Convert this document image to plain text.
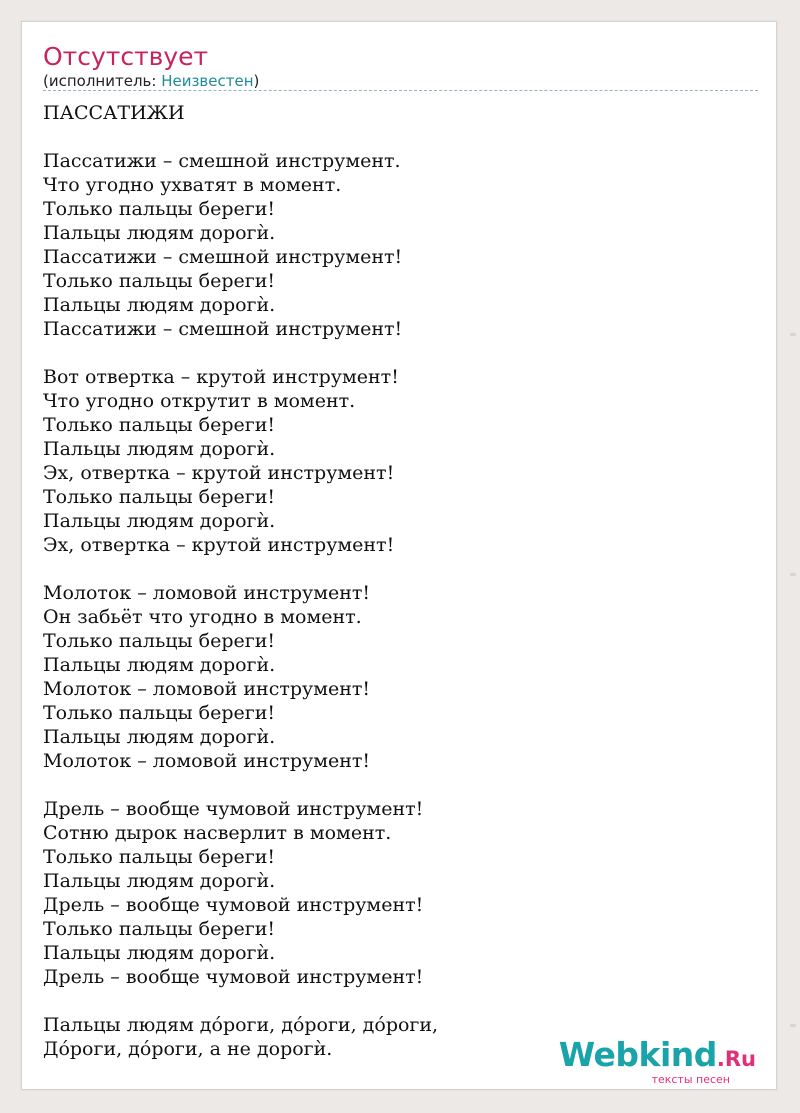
Отсутствует
(исполнитель: Неизвестен)
ПАССАТИЖИ

Пассатижи – смешной инструмент.
Что угодно ухватят в момент.
Только пальцы береги!
Пальцы людям дорогѝ.
Пассатижи – смешной инструмент!
Только пальцы береги!
Пальцы людям дорогѝ.
Пассатижи – смешной инструмент!

Вот отвертка – крутой инструмент!
Что угодно открутит в момент.
Только пальцы береги!
Пальцы людям дорогѝ.
Эх, отвертка – крутой инструмент!
Только пальцы береги!
Пальцы людям дорогѝ.
Эх, отвертка – крутой инструмент!

Молоток – ломовой инструмент!
Он забьёт что угодно в момент.
Только пальцы береги!
Пальцы людям дорогѝ.
Молоток – ломовой инструмент!
Только пальцы береги!
Пальцы людям дорогѝ.
Молоток – ломовой инструмент!

Дрель – вообще чумовой инструмент!
Сотню дырок насверлит в момент.
Только пальцы береги!
Пальцы людям дорогѝ.
Дрель – вообще чумовой инструмент!
Только пальцы береги!
Пальцы людям дорогѝ.
Дрель – вообще чумовой инструмент!

Пальцы людям дóроги, дóроги, дóроги,
Дóроги, дóроги, а не дорогѝ.	Webkind.Ru
тексты песен
